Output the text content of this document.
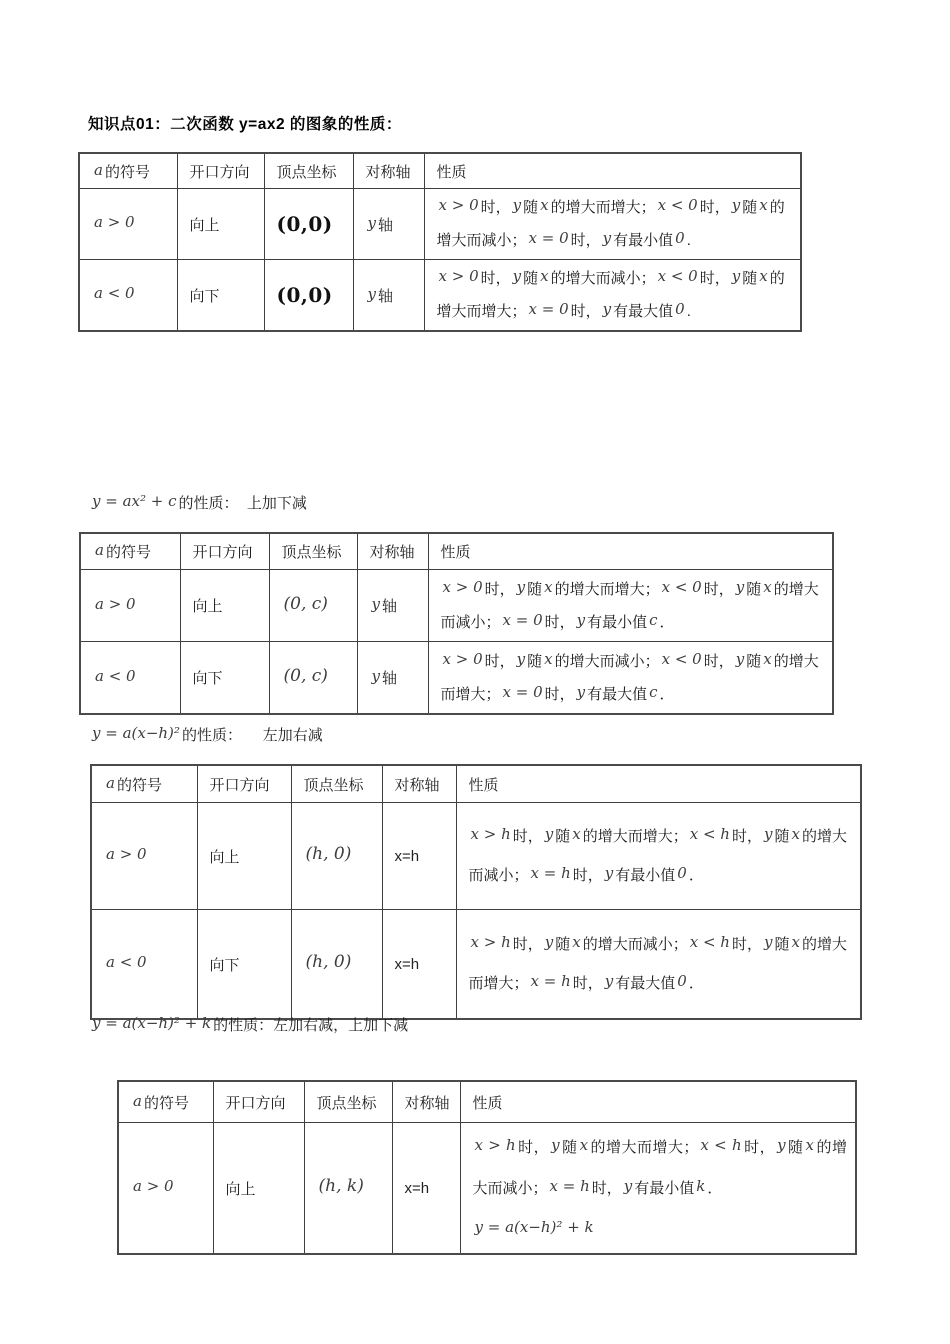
知识点01：二次函数 y=ax2 的图象的性质：
a 的符号	开口方向	顶点坐标	对称轴	性质
a > 0	向上	(0,0)	y 轴	x > 0 时， y 随 x 的增大而增大； x < 0 时， y 随 x 的增大而减小； x = 0 时， y 有最小值 0 .
a < 0	向下	(0,0)	y 轴	x > 0 时， y 随 x 的增大而减小； x < 0 时， y 随 x 的增大而增大； x = 0 时， y 有最大值 0 .
y = ax² + c 的性质：  上加下减
a 的符号	开口方向	顶点坐标	对称轴	性质
a > 0	向上	(0, c)	y 轴	x > 0 时， y 随 x 的增大而增大； x < 0 时， y 随 x 的增大而减小； x = 0 时， y 有最小值 c ．
a < 0	向下	(0, c)	y 轴	x > 0 时， y 随 x 的增大而减小； x < 0 时， y 随 x 的增大而增大； x = 0 时， y 有最大值 c ．
y = a(x−h)² 的性质：     左加右减
a 的符号	开口方向	顶点坐标	对称轴	性质
a > 0	向上	(h, 0)	x=h	x > h 时， y 随 x 的增大而增大； x < h 时， y 随 x 的增大而减小； x = h 时， y 有最小值 0 ．
a < 0	向下	(h, 0)	x=h	x > h 时， y 随 x 的增大而减小； x < h 时， y 随 x 的增大而增大； x = h 时， y 有最大值 0 ．
y = a(x−h)² + k 的性质：左加右减，上加下减
a 的符号	开口方向	顶点坐标	对称轴	性质
a > 0	向上	(h, k)	x=h	x > h 时， y 随 x 的增大而增大； x < h 时， y 随 x 的增大而减小； x = h 时， y 有最小值 k ．
y = a(x−h)² + k
